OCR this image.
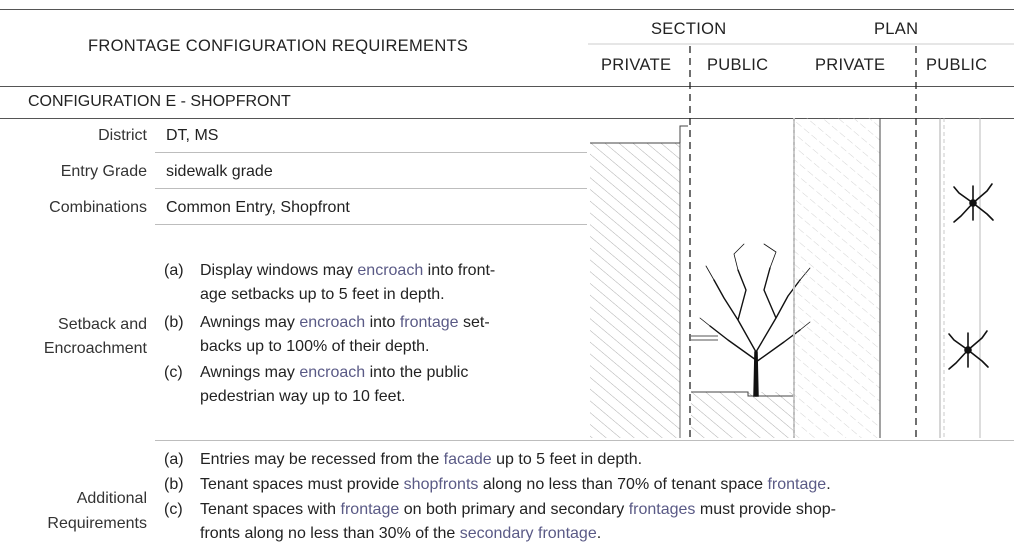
FRONTAGE CONFIGURATION REQUIREMENTS
SECTION	PLAN
PRIVATE PUBLIC	PRIVATE PUBLIC
CONFIGURATION E - SHOPFRONT
District DT, MS
Entry Grade sidewalk grade
Combinations Common Entry, Shopfront
Setback and
Encroachment
(a) Display windows may encroach into front-
age setbacks up to 5 feet in depth.
(b) Awnings may encroach into frontage set-
backs up to 100% of their depth.
(c) Awnings may encroach into the public
pedestrian way up to 10 feet.
Additional
Requirements
(a) Entries may be recessed from the facade up to 5 feet in depth.
(b) Tenant spaces must provide shopfronts along no less than 70% of tenant space frontage.
(c) Tenant spaces with frontage on both primary and secondary frontages must provide shop-
fronts along no less than 30% of the secondary frontage.
